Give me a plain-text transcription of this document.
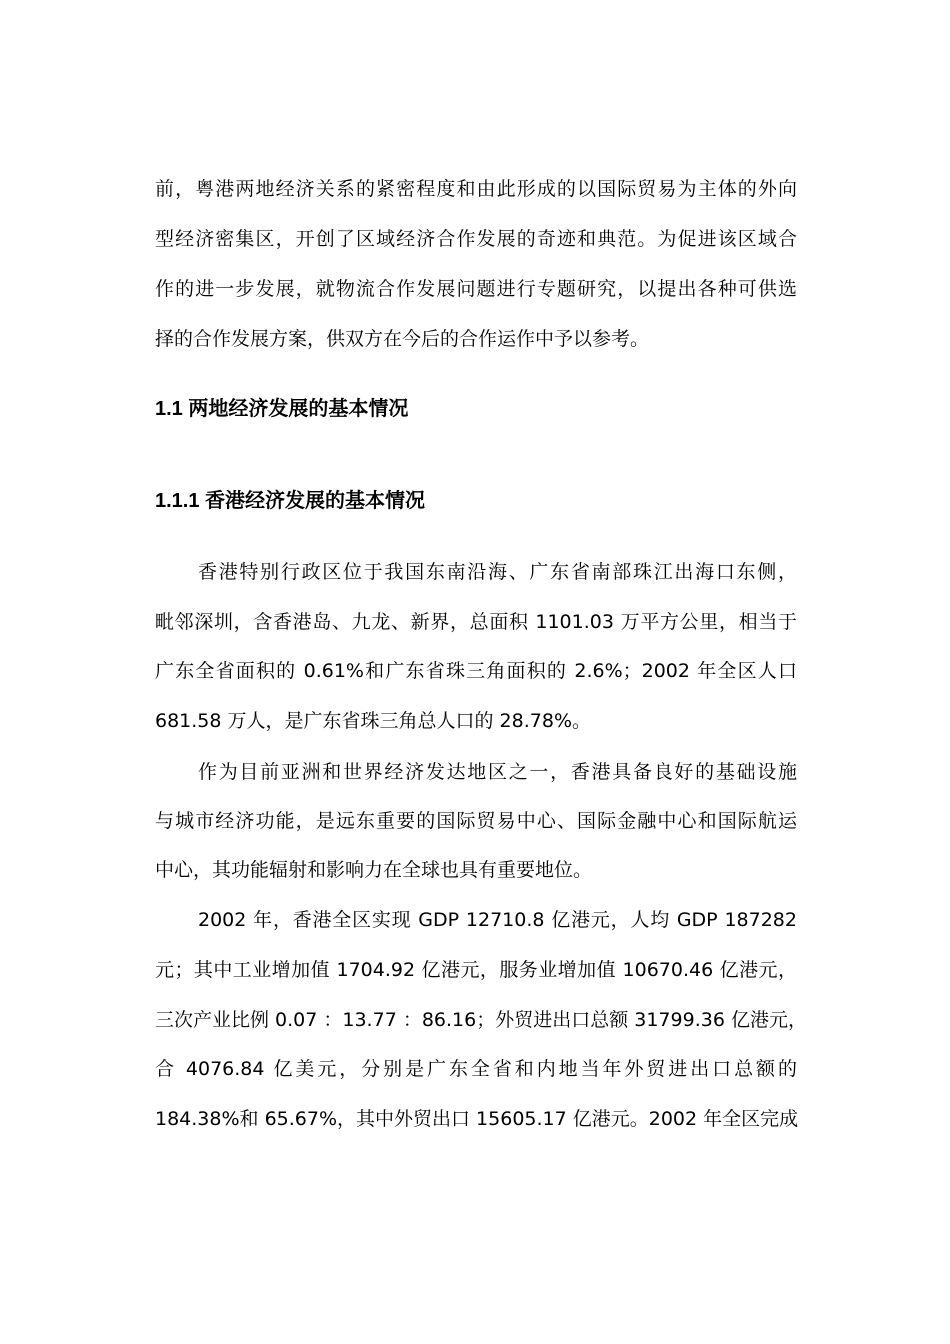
前，粤港两地经济关系的紧密程度和由此形成的以国际贸易为主体的外向
型经济密集区，开创了区域经济合作发展的奇迹和典范。为促进该区域合
作的进一步发展，就物流合作发展问题进行专题研究，以提出各种可供选
择的合作发展方案，供双方在今后的合作运作中予以参考。
1.1 两地经济发展的基本情况
1.1.1 香港经济发展的基本情况
香港特别行政区位于我国东南沿海、广东省南部珠江出海口东侧，
毗邻深圳，含香港岛、九龙、新界，总面积 1101.03 万平方公里，相当于
广东全省面积的 0.61%和广东省珠三角面积的 2.6%；2002 年全区人口
681.58 万人，是广东省珠三角总人口的 28.78%。
作为目前亚洲和世界经济发达地区之一，香港具备良好的基础设施
与城市经济功能，是远东重要的国际贸易中心、国际金融中心和国际航运
中心，其功能辐射和影响力在全球也具有重要地位。
2002 年，香港全区实现 GDP 12710.8 亿港元，人均 GDP 187282
元；其中工业增加值 1704.92 亿港元，服务业增加值 10670.46 亿港元，
三次产业比例 0.07 ：13.77 ：86.16；外贸进出口总额 31799.36 亿港元，
合 4076.84 亿美元，分别是广东全省和内地当年外贸进出口总额的
184.38%和 65.67%，其中外贸出口 15605.17 亿港元。2002 年全区完成
